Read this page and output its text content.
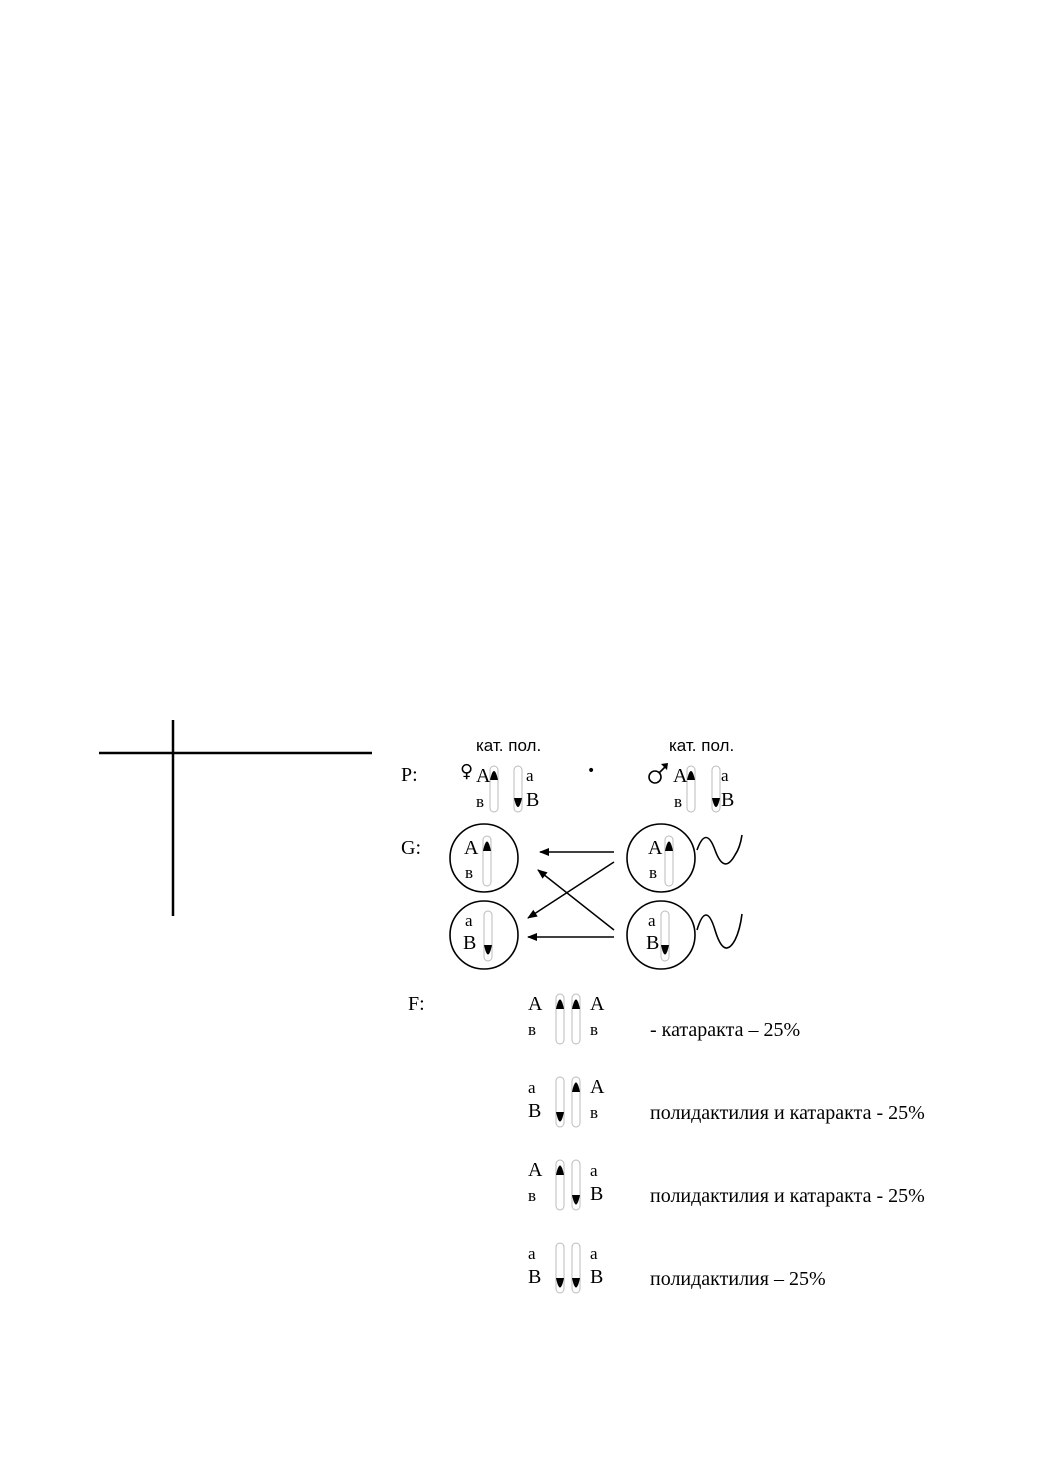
кат. пол.	кат. пол.
P: ♀ A
в
а
В
•	A
в
а
В
G: A
в
а
В
A
в
а
В
F:	A
в
A
в	- катаракта – 25%
а
В
A
в	полидактилия и катаракта - 25%
A
в
а
В полидактилия и катаракта - 25%
а
В
а
В полидактилия – 25%
